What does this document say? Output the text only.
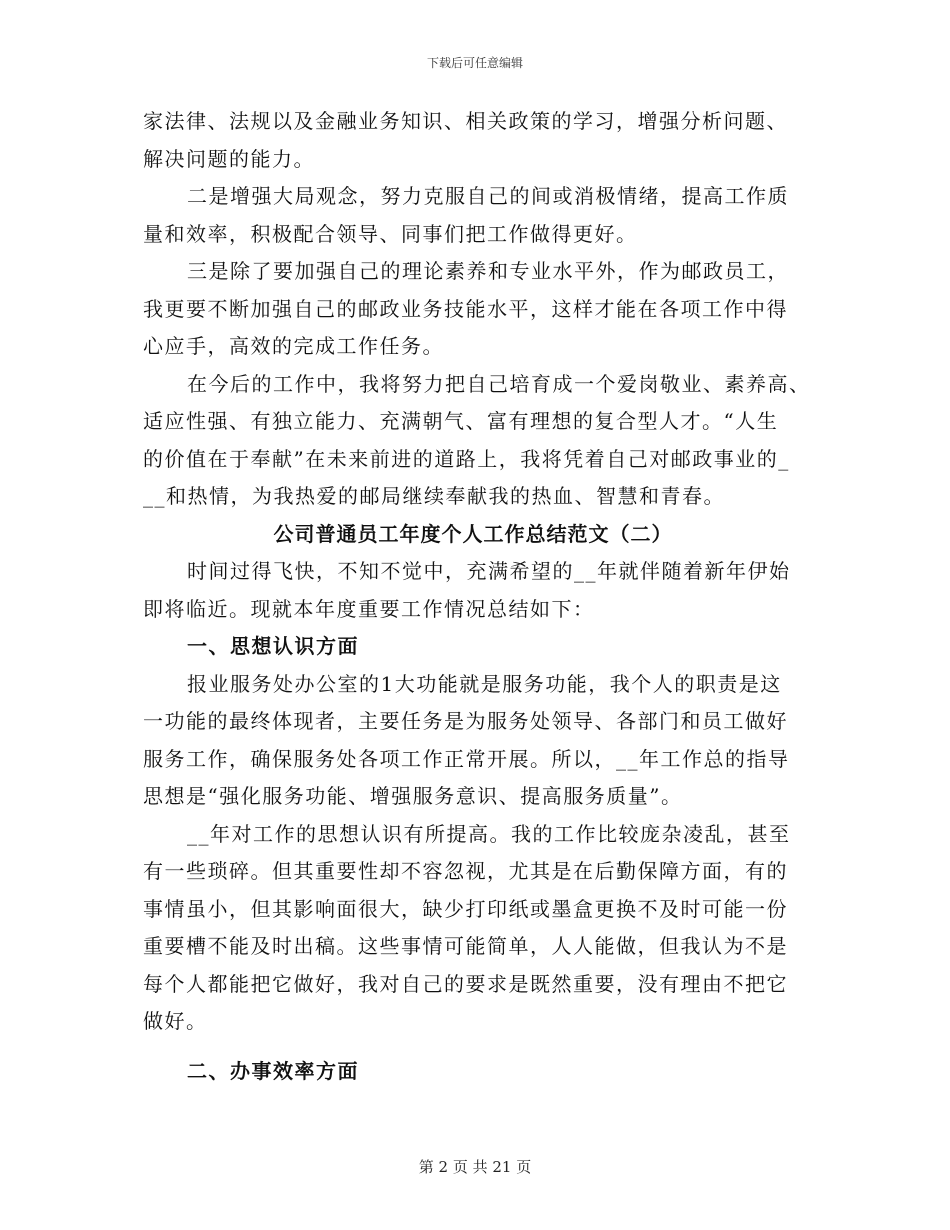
下载后可任意编辑
家法律、法规以及金融业务知识、相关政策的学习，增强分析问题、
解决问题的能力。
二是增强大局观念，努力克服自己的间或消极情绪，提高工作质
量和效率，积极配合领导、同事们把工作做得更好。
三是除了要加强自己的理论素养和专业水平外，作为邮政员工，
我更要不断加强自己的邮政业务技能水平，这样才能在各项工作中得
心应手，高效的完成工作任务。
在今后的工作中，我将努力把自己培育成一个爱岗敬业、素养高、
适应性强、有独立能力、充满朝气、富有理想的复合型人才。“人生
的价值在于奉献”在未来前进的道路上，我将凭着自己对邮政事业的_
__和热情，为我热爱的邮局继续奉献我的热血、智慧和青春。
公司普通员工年度个人工作总结范文（二）
时间过得飞快，不知不觉中，充满希望的__年就伴随着新年伊始
即将临近。现就本年度重要工作情况总结如下：
一、思想认识方面
报业服务处办公室的1大功能就是服务功能，我个人的职责是这
一功能的最终体现者，主要任务是为服务处领导、各部门和员工做好
服务工作，确保服务处各项工作正常开展。所以，__年工作总的指导
思想是“强化服务功能、增强服务意识、提高服务质量”。
__年对工作的思想认识有所提高。我的工作比较庞杂凌乱，甚至
有一些琐碎。但其重要性却不容忽视，尤其是在后勤保障方面，有的
事情虽小，但其影响面很大，缺少打印纸或墨盒更换不及时可能一份
重要槽不能及时出稿。这些事情可能简单，人人能做，但我认为不是
每个人都能把它做好，我对自己的要求是既然重要，没有理由不把它
做好。
二、办事效率方面
第 2 页 共 21 页
